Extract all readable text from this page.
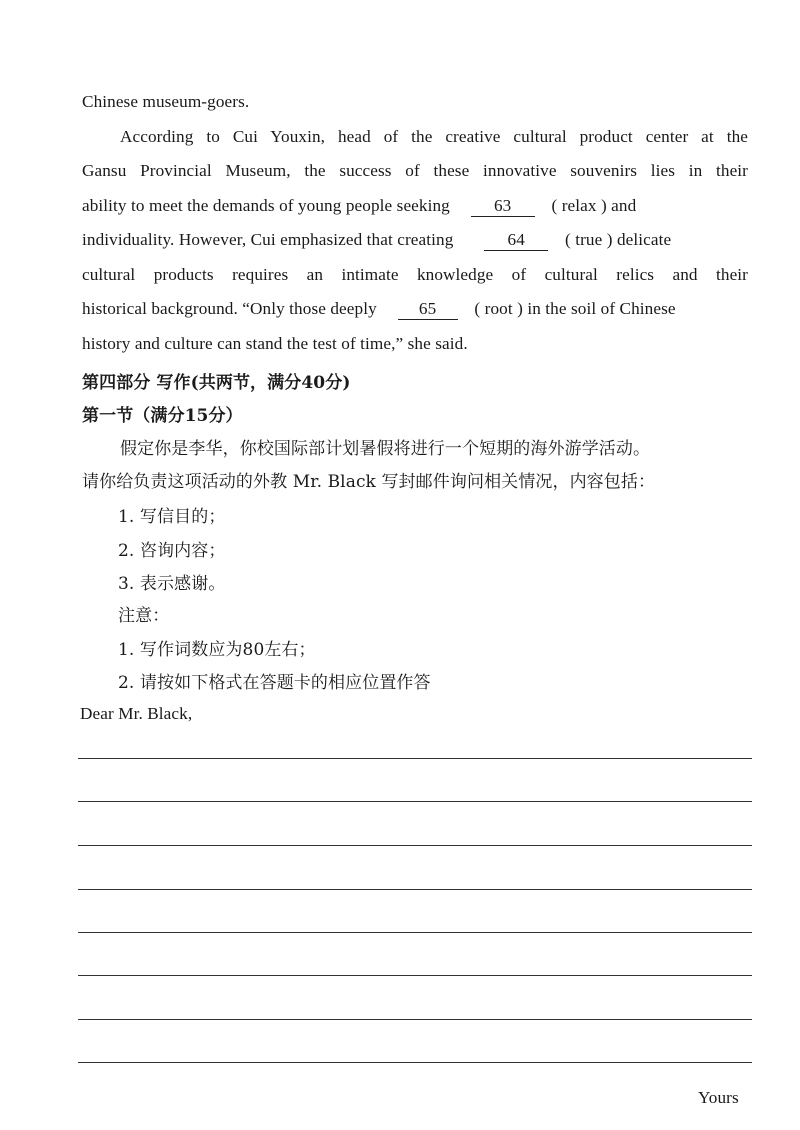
Chinese museum-goers.
According to Cui Youxin, head of the creative cultural product center at the
Gansu Provincial Museum, the success of these innovative souvenirs lies in their
ability to meet the demands of young people seeking	63 ( relax ) and
individuality. However, Cui emphasized that creating	64 ( true ) delicate
cultural products requires an intimate knowledge of cultural relics and their
historical background. “Only those deeply 65 ( root ) in the soil of Chinese
history and culture can stand the test of time,” she said.
第四部分 写作(共两节，满分40分)
第一节（满分15分）
假定你是李华，你校国际部计划暑假将进行一个短期的海外游学活动。
请你给负责这项活动的外教 Mr. Black 写封邮件询问相关情况，内容包括：
1. 写信目的；
2. 咨询内容；
3. 表示感谢。
注意：
1. 写作词数应为80左右；
2. 请按如下格式在答题卡的相应位置作答
Dear Mr. Black,
Yours
